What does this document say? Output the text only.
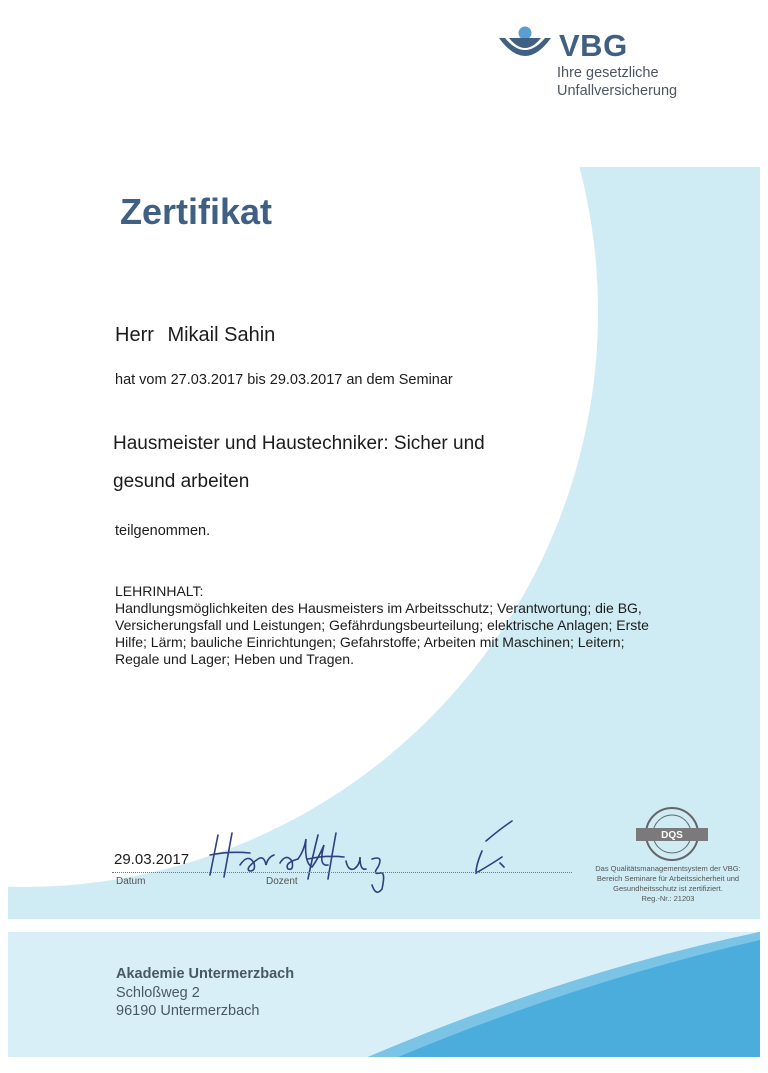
VBG
Ihre gesetzliche
Unfallversicherung
Zertifikat
Herr Mikail Sahin
hat vom 27.03.2017 bis 29.03.2017 an dem Seminar
Hausmeister und Haustechniker: Sicher und
gesund arbeiten
teilgenommen.
LEHRINHALT:
Handlungsmöglichkeiten des Hausmeisters im Arbeitsschutz; Verantwortung; die BG, Versicherungsfall und Leistungen; Gefährdungsbeurteilung; elektrische Anlagen; Erste Hilfe; Lärm; bauliche Einrichtungen; Gefahrstoffe; Arbeiten mit Maschinen; Leitern; Regale und Lager; Heben und Tragen.
29.03.2017
Harald Hug
Datum	Dozent
DQS
Das Qualitätsmanagementsystem der VBG:
Bereich Seminare für Arbeitssicherheit und
Gesundheitsschutz ist zertifiziert.
Reg.-Nr.: 21203
Akademie Untermerzbach
Schloßweg 2
96190 Untermerzbach
